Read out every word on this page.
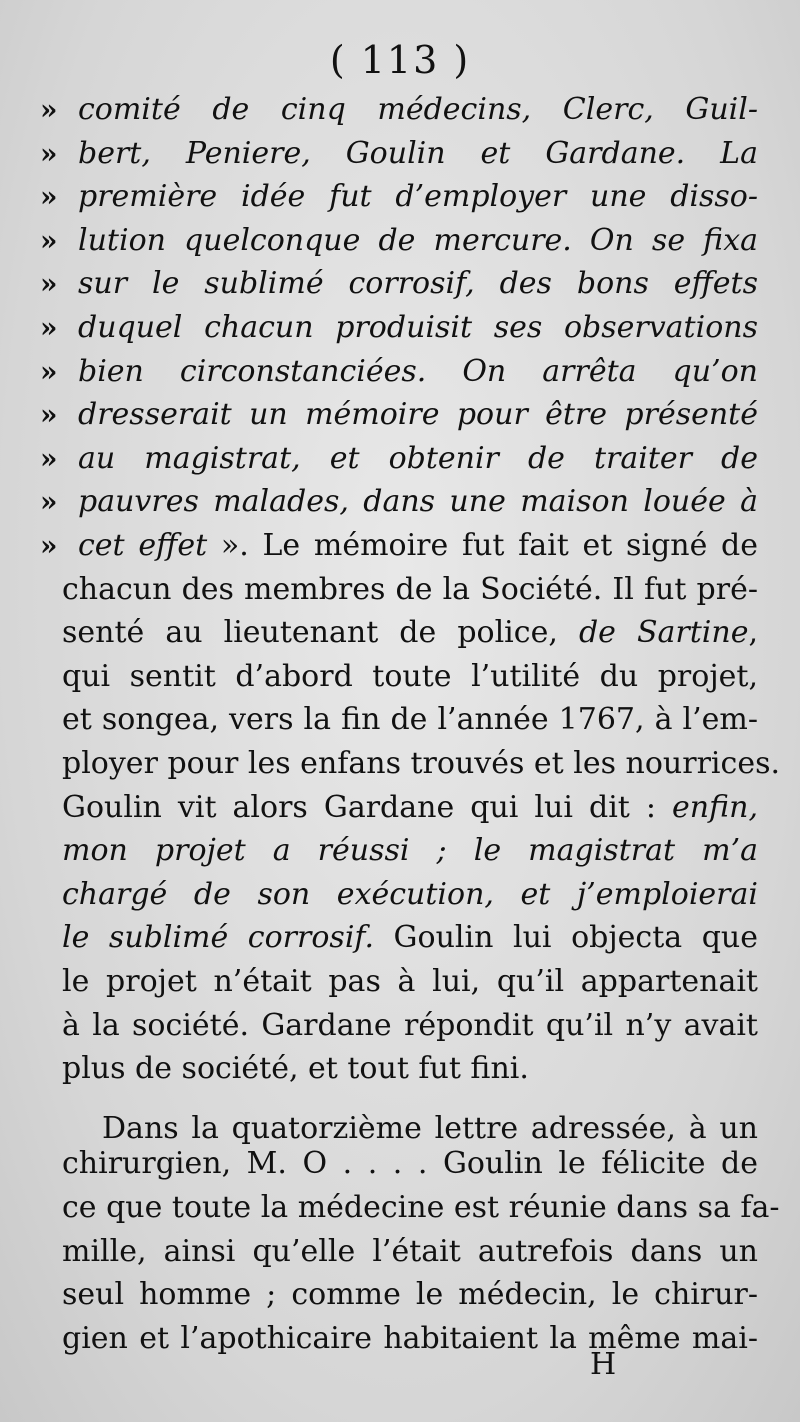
( 113 )
» comité de cinq médecins, Clerc, Guil-
» bert, Peniere, Goulin et Gardane. La
» première idée fut d’employer une disso-
» lution quelconque de mercure. On se fixa
» sur le sublimé corrosif, des bons effets
» duquel chacun produisit ses observations
» bien circonstanciées. On arrêta qu’on
» dresserait un mémoire pour être présenté
» au magistrat, et obtenir de traiter de
» pauvres malades, dans une maison louée à
» cet effet ». Le mémoire fut fait et signé de
chacun des membres de la Société. Il fut pré-
senté au lieutenant de police, de Sartine,
qui sentit d’abord toute l’utilité du projet,
et songea, vers la fin de l’année 1767, à l’em-
ployer pour les enfans trouvés et les nourrices.
Goulin vit alors Gardane qui lui dit : enfin,
mon projet a réussi ; le magistrat m’a
chargé de son exécution, et j’emploierai
le sublimé corrosif. Goulin lui objecta que
le projet n’était pas à lui, qu’il appartenait
à la société. Gardane répondit qu’il n’y avait
plus de société, et tout fut fini.
Dans la quatorzième lettre adressée, à un
chirurgien, M. O . . . . Goulin le félicite de
ce que toute la médecine est réunie dans sa fa-
mille, ainsi qu’elle l’était autrefois dans un
seul homme ; comme le médecin, le chirur-
gien et l’apothicaire habitaient la même mai-
H
